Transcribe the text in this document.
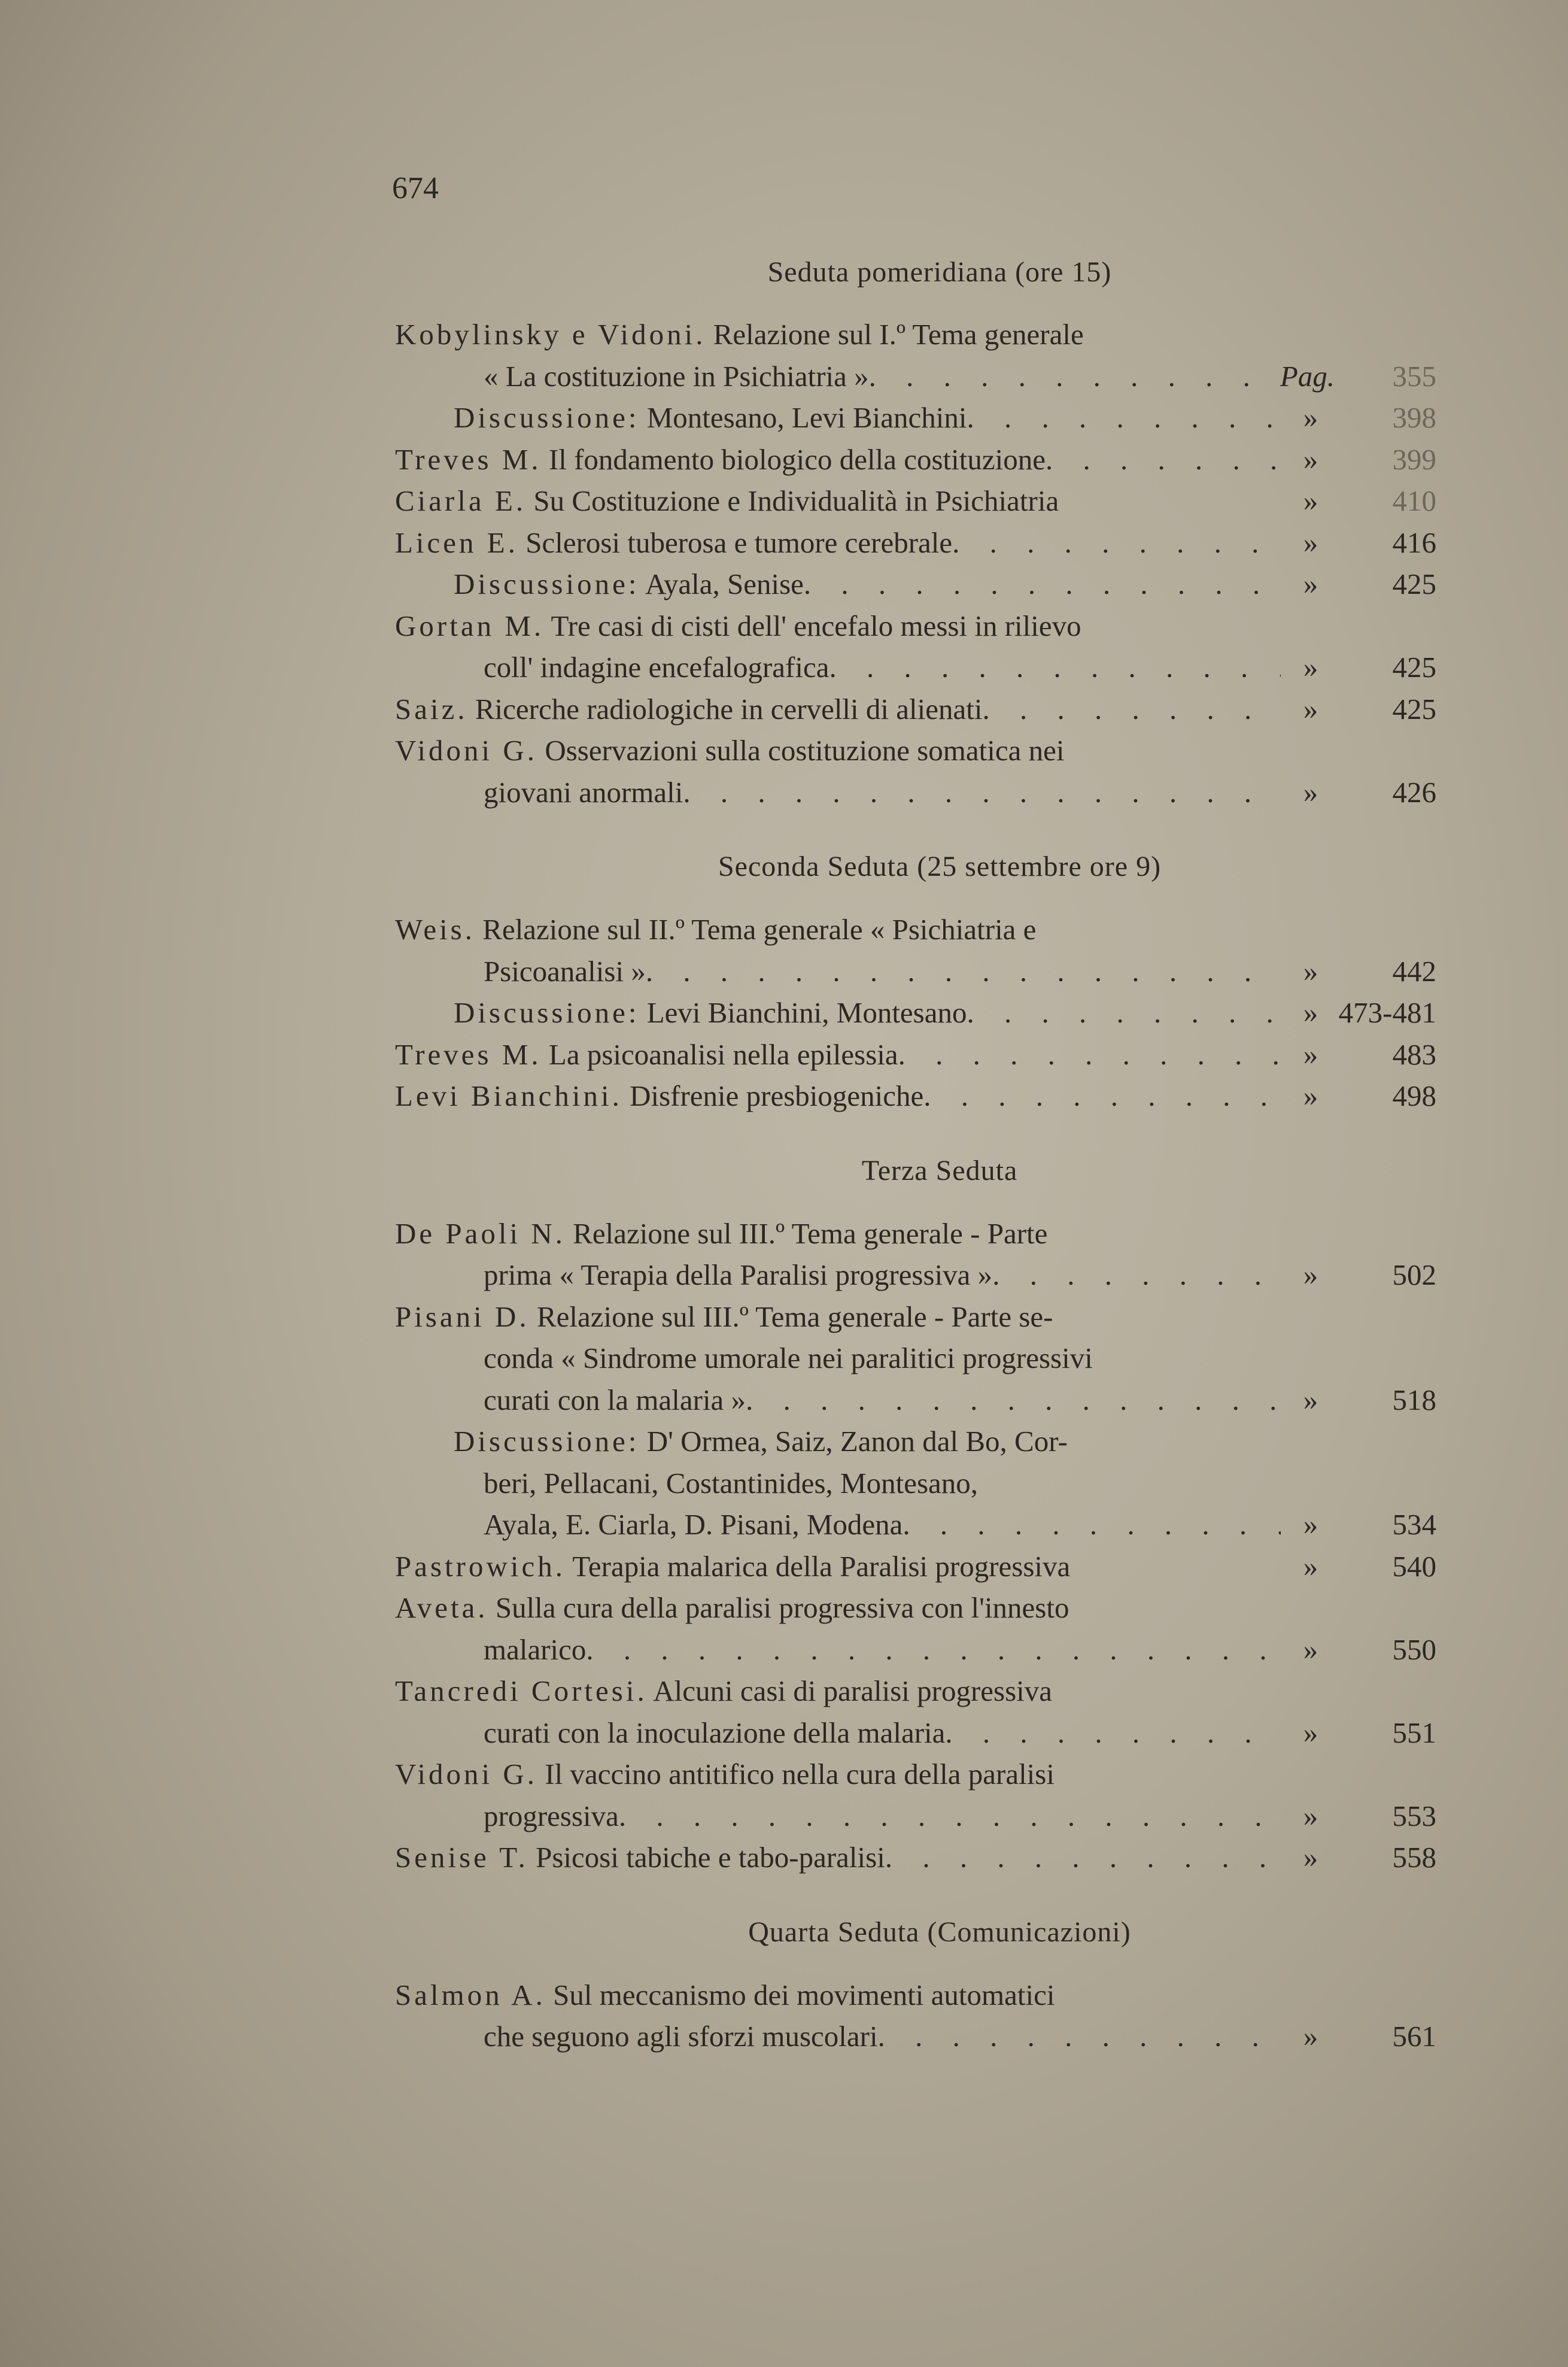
674
Seduta pomeridiana (ore 15)
Kobylinsky e Vidoni. Relazione sul I.º Tema generale
« La costituzione in Psichiatria » . . .	Pag.	355
Discussione: Montesano, Levi Bianchini . . .	»	398
Treves M. Il fondamento biologico della costituzione . . .	»	399
Ciarla E. Su Costituzione e Individualità in Psichiatria	»	410
Licen E. Sclerosi tuberosa e tumore cerebrale . . .	»	416
Discussione: Ayala, Senise . . .	»	425
Gortan M. Tre casi di cisti dell' encefalo messi in rilievo
coll' indagine encefalografica . . .	»	425
Saiz. Ricerche radiologiche in cervelli di alienati . . .	»	425
Vidoni G. Osservazioni sulla costituzione somatica nei
giovani anormali . . .	»	426
Seconda Seduta (25 settembre ore 9)
Weis. Relazione sul II.º Tema generale « Psichiatria e
Psicoanalisi » . . .	»	442
Discussione: Levi Bianchini, Montesano . . .	» 473-481
Treves M. La psicoanalisi nella epilessia . . .	»	483
Levi Bianchini. Disfrenie presbiogeniche . . .	»	498
Terza Seduta
De Paoli N. Relazione sul III.º Tema generale - Parte
prima « Terapia della Paralisi progressiva » . . .	»	502
Pisani D. Relazione sul III.º Tema generale - Parte se-
conda « Sindrome umorale nei paralitici progressivi
curati con la malaria » . . .	»	518
Discussione: D' Ormea, Saiz, Zanon dal Bo, Cor-
beri, Pellacani, Costantinides, Montesano,
Ayala, E. Ciarla, D. Pisani, Modena . . .	»	534
Pastrowich. Terapia malarica della Paralisi progressiva	»	540
Aveta. Sulla cura della paralisi progressiva con l'innesto
malarico . . .	»	550
Tancredi Cortesi. Alcuni casi di paralisi progressiva
curati con la inoculazione della malaria . . .	»	551
Vidoni G. Il vaccino antitifico nella cura della paralisi
progressiva . . .	»	553
Senise T. Psicosi tabiche e tabo-paralisi . . .	»	558
Quarta Seduta (Comunicazioni)
Salmon A. Sul meccanismo dei movimenti automatici
che seguono agli sforzi muscolari . . .	»	561
